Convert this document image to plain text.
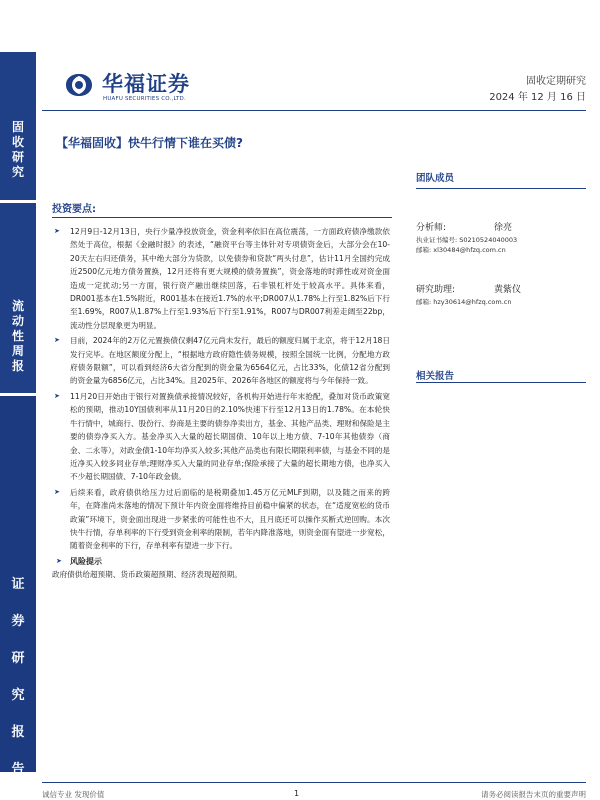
固
收
研
究
流
动
性
周
报
证
券
研
究
报
告
华福证券
HUAFU SECURITIES CO.,LTD.
固收定期研究
2024 年 12 月 16 日
【华福固收】快牛行情下谁在买债?
投资要点:
➤ 12月9日-12月13日，央行少量净投放资金，资金利率依旧在高位震荡，一方面政府债净缴款依然处于高位，根据《金融时报》的表述，“融资平台等主体针对专项债资金后，大部分会在10-20天左右归还债务，其中绝大部分为贷款，以免债券和贷款“两头付息”，估计11月全国约完成近2500亿元地方债务置换，12月还将有更大规模的债务置换”，资金落地的时滞性或对资金面造成一定扰动;另一方面，银行资产融出继续回落，石非银杠杆处于较高水平。具体来看，DR001基本在1.5%附近，R001基本在接近1.7%的水平;DR007从1.78%上行至1.82%后下行至1.69%，R007从1.87%上行至1.93%后下行至1.91%，R007与DR007利差走阔至22bp，流动性分层现象更为明显。
➤ 目前，2024年的2万亿元置换债仅剩47亿元尚未发行，最后的额度归属于北京，将于12月18日发行完毕。在地区额度分配上，“根据地方政府隐性债务规模，按照全国统一比例，分配地方政府债务限额”，可以看到经济6大省分配到的资金量为6564亿元，占比33%，化债12省分配到的资金量为6856亿元，占比34%。且2025年、2026年各地区的额度将与今年保持一致。
➤ 11月20日开始由于银行对置换债承接情况较好，各机构开始进行年末抢配，叠加对货币政策宽松的预期，推动10Y国债利率从11月20日的2.10%快速下行至12月13日的1.78%。在本轮快牛行情中，城商行、股份行、券商是主要的债券净卖出方，基金、其他产品类、理财和保险是主要的债券净买入方。基金净买入大量的超长期国债、10年以上地方债、7-10年其他债券（商金、二永等），对政金债1-10年均净买入较多;其他产品类也有限长期限利率债，与基金不同的是近净买入较多同业存单;理财净买入大量的同业存单;保险承接了大量的超长期地方债，也净买入不少超长期国债、7-10年政金债。
➤ 后续来看，政府债供给压力过后面临的是税期叠加1.45万亿元MLF到期，以及随之而来的跨年，在降准尚未落地的情况下预计年内资金面将维持目前稳中偏紧的状态，在“适度宽松的货币政策”环境下，资金面出现进一步紧张的可能性也不大，且月底还可以操作买断式逆回购。本次快牛行情，存单利率的下行受到资金利率的限制，若年内降准落地，则资金面有望进一步宽松，随着资金利率的下行，存单利率有望进一步下行。
➤ 风险提示
政府债供给超预期、货币政策超预期、经济表现超预期。
团队成员
分析师:	徐亮
执业证书编号: S0210524040003
邮箱: xl30484@hfzq.com.cn
研究助理:	黄紫仪
邮箱: hzy30614@hfzq.com.cn
相关报告
诚信专业 发现价值	1	请务必阅读报告末页的重要声明
